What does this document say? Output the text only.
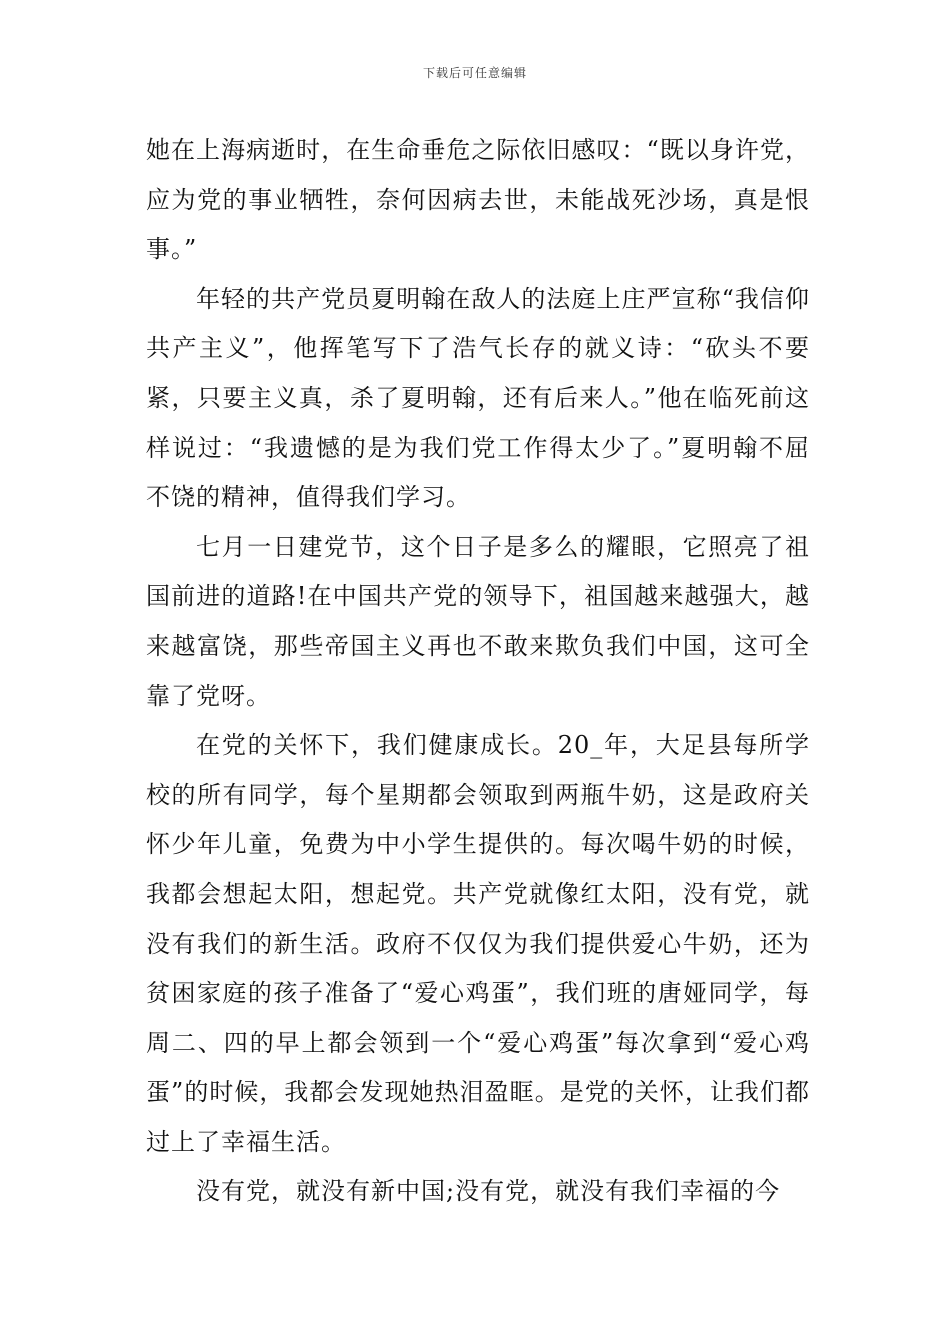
下载后可任意编辑

她在上海病逝时，在生命垂危之际依旧感叹：“既以身许党，应为党的事业牺牲，奈何因病去世，未能战死沙场，真是恨事。”

年轻的共产党员夏明翰在敌人的法庭上庄严宣称“我信仰共产主义”，他挥笔写下了浩气长存的就义诗：“砍头不要紧，只要主义真，杀了夏明翰，还有后来人。”他在临死前这样说过：“我遗憾的是为我们党工作得太少了。”夏明翰不屈不饶的精神，值得我们学习。

七月一日建党节，这个日子是多么的耀眼，它照亮了祖国前进的道路!在中国共产党的领导下，祖国越来越强大，越来越富饶，那些帝国主义再也不敢来欺负我们中国，这可全靠了党呀。

在党的关怀下，我们健康成长。20_年，大足县每所学校的所有同学，每个星期都会领取到两瓶牛奶，这是政府关怀少年儿童，免费为中小学生提供的。每次喝牛奶的时候，我都会想起太阳，想起党。共产党就像红太阳，没有党，就没有我们的新生活。政府不仅仅为我们提供爱心牛奶，还为贫困家庭的孩子准备了“爱心鸡蛋”，我们班的唐娅同学，每周二、四的早上都会领到一个“爱心鸡蛋”每次拿到“爱心鸡蛋”的时候，我都会发现她热泪盈眶。是党的关怀，让我们都过上了幸福生活。

没有党，就没有新中国;没有党，就没有我们幸福的今
